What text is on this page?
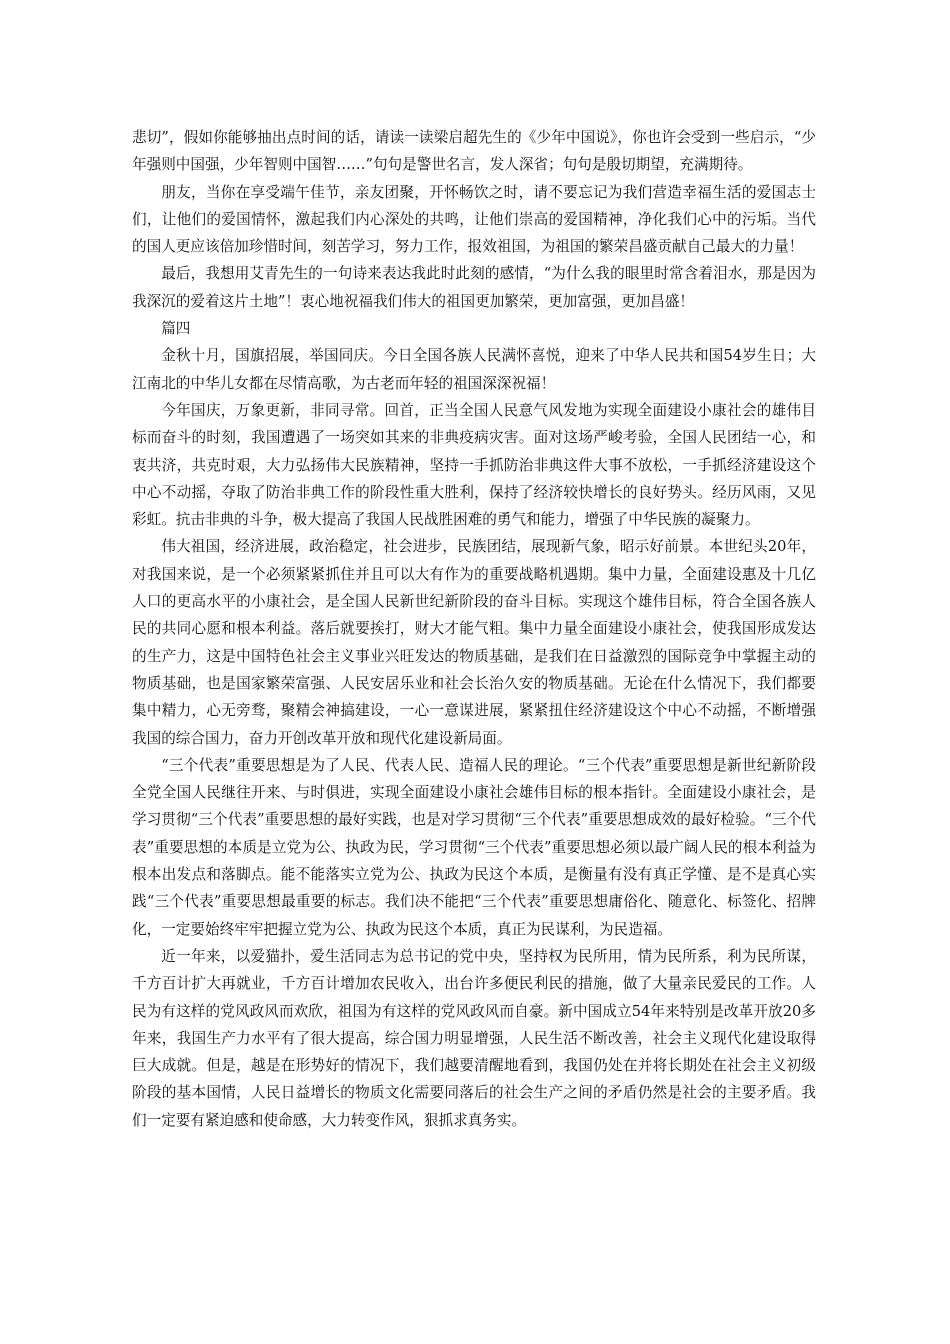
悲切”，假如你能够抽出点时间的话，请读一读梁启超先生的《少年中国说》，你也许会受到一些启示，“少年强则中国强，少年智则中国智……”句句是警世名言，发人深省；句句是殷切期望，充满期待。

朋友，当你在享受端午佳节，亲友团聚，开怀畅饮之时，请不要忘记为我们营造幸福生活的爱国志士们，让他们的爱国情怀，激起我们内心深处的共鸣，让他们崇高的爱国精神，净化我们心中的污垢。当代的国人更应该倍加珍惜时间，刻苦学习，努力工作，报效祖国，为祖国的繁荣昌盛贡献自己最大的力量！

最后，我想用艾青先生的一句诗来表达我此时此刻的感情，“为什么我的眼里时常含着泪水，那是因为我深沉的爱着这片土地”！衷心地祝福我们伟大的祖国更加繁荣，更加富强，更加昌盛！

篇四

金秋十月，国旗招展，举国同庆。今日全国各族人民满怀喜悦，迎来了中华人民共和国54岁生日；大江南北的中华儿女都在尽情高歌，为古老而年轻的祖国深深祝福！

今年国庆，万象更新，非同寻常。回首，正当全国人民意气风发地为实现全面建设小康社会的雄伟目标而奋斗的时刻，我国遭遇了一场突如其来的非典疫病灾害。面对这场严峻考验，全国人民团结一心，和衷共济，共克时艰，大力弘扬伟大民族精神，坚持一手抓防治非典这件大事不放松，一手抓经济建设这个中心不动摇，夺取了防治非典工作的阶段性重大胜利，保持了经济较快增长的良好势头。经历风雨，又见彩虹。抗击非典的斗争，极大提高了我国人民战胜困难的勇气和能力，增强了中华民族的凝聚力。

伟大祖国，经济进展，政治稳定，社会进步，民族团结，展现新气象，昭示好前景。本世纪头20年，对我国来说，是一个必须紧紧抓住并且可以大有作为的重要战略机遇期。集中力量，全面建设惠及十几亿人口的更高水平的小康社会，是全国人民新世纪新阶段的奋斗目标。实现这个雄伟目标，符合全国各族人民的共同心愿和根本利益。落后就要挨打，财大才能气粗。集中力量全面建设小康社会，使我国形成发达的生产力，这是中国特色社会主义事业兴旺发达的物质基础，是我们在日益激烈的国际竞争中掌握主动的物质基础，也是国家繁荣富强、人民安居乐业和社会长治久安的物质基础。无论在什么情况下，我们都要集中精力，心无旁骛，聚精会神搞建设，一心一意谋进展，紧紧扭住经济建设这个中心不动摇，不断增强我国的综合国力，奋力开创改革开放和现代化建设新局面。

“三个代表”重要思想是为了人民、代表人民、造福人民的理论。“三个代表”重要思想是新世纪新阶段全党全国人民继往开来、与时俱进，实现全面建设小康社会雄伟目标的根本指针。全面建设小康社会，是学习贯彻“三个代表”重要思想的最好实践，也是对学习贯彻“三个代表”重要思想成效的最好检验。“三个代表”重要思想的本质是立党为公、执政为民，学习贯彻“三个代表”重要思想必须以最广阔人民的根本利益为根本出发点和落脚点。能不能落实立党为公、执政为民这个本质，是衡量有没有真正学懂、是不是真心实践“三个代表”重要思想最重要的标志。我们决不能把“三个代表”重要思想庸俗化、随意化、标签化、招牌化，一定要始终牢牢把握立党为公、执政为民这个本质，真正为民谋利，为民造福。

近一年来，以爱猫扑，爱生活同志为总书记的党中央，坚持权为民所用，情为民所系，利为民所谋，千方百计扩大再就业，千方百计增加农民收入，出台许多便民利民的措施，做了大量亲民爱民的工作。人民为有这样的党风政风而欢欣，祖国为有这样的党风政风而自豪。新中国成立54年来特别是改革开放20多年来，我国生产力水平有了很大提高，综合国力明显增强，人民生活不断改善，社会主义现代化建设取得巨大成就。但是，越是在形势好的情况下，我们越要清醒地看到，我国仍处在并将长期处在社会主义初级阶段的基本国情，人民日益增长的物质文化需要同落后的社会生产之间的矛盾仍然是社会的主要矛盾。我们一定要有紧迫感和使命感，大力转变作风，狠抓求真务实。
